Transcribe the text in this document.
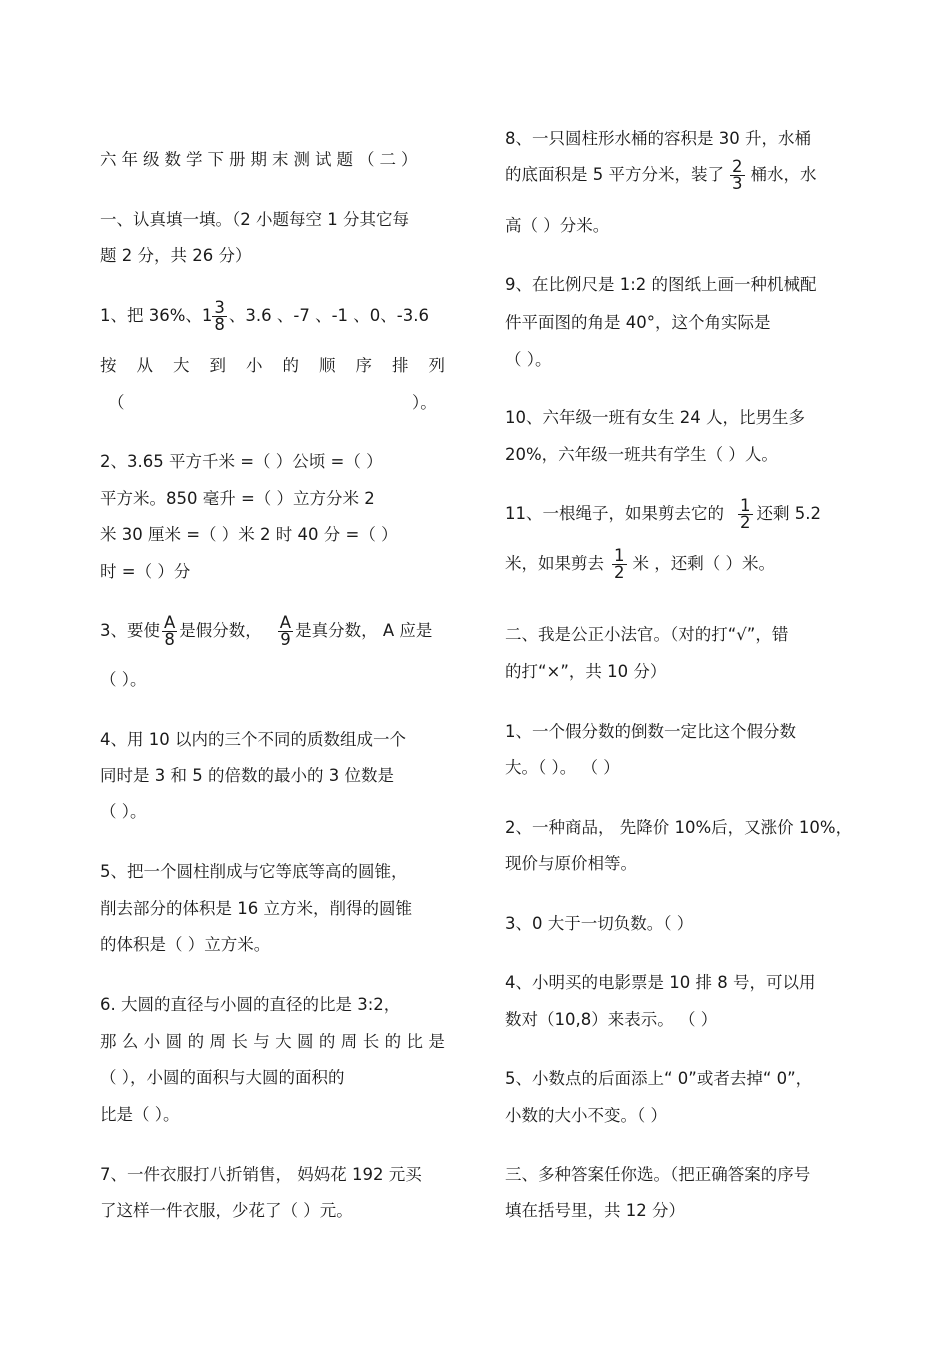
六年级数学下册期末测试题（二）
一、认真填一填。（2 小题每空 1 分其它每
题 2 分，共 26 分）
1、把 36%、$1 \frac{3}{8}$ 、3.6 、-7 、-1 、0、-3.6
按 从 大 到 小 的 顺 序 排 列
（	）。
2、3.65 平方千米 =（ ）公顷 =（ ）
平方米。850 毫升 =（ ）立方分米 2
米 30 厘米 =（ ）米 2 时 40 分 =（ ）
时 =（ ）分
3、要使 $\frac{A}{8}$ 是假分数， $\frac{A}{9}$ 是真分数， A 应是
（ ）。
4、用 10 以内的三个不同的质数组成一个
同时是 3 和 5 的倍数的最小的 3 位数是
（ ）。
5、把一个圆柱削成与它等底等高的圆锥，
削去部分的体积是 16 立方米，削得的圆锥
的体积是（ ）立方米。
6. 大圆的直径与小圆的直径的比是 3:2，
那 么 小 圆 的 周 长 与 大 圆 的 周 长 的 比 是
（ ），小圆的面积与大圆的面积的
比是（ ）。
7、一件衣服打八折销售， 妈妈花 192 元买
了这样一件衣服，少花了（ ）元。
8、一只圆柱形水桶的容积是 30 升，水桶
的底面积是 5 平方分米，装了 $\frac{2}{3}$ 桶水，水
高（ ）分米。
9、在比例尺是 1:2 的图纸上画一种机械配
件平面图的角是 40°，这个角实际是
（ ）。
10、六年级一班有女生 24 人，比男生多
20%，六年级一班共有学生（ ）人。
11、一根绳子，如果剪去它的 $\frac{1}{2}$ 还剩 5.2
米，如果剪去 $\frac{1}{2}$ 米 ，还剩（ ）米。
二、我是公正小法官。（对的打“√”，错
的打“×”，共 10 分）
1、一个假分数的倒数一定比这个假分数
大。（ ）。 （ ）
2、一种商品， 先降价 10%后，又涨价 10%，
现价与原价相等。
3、0 大于一切负数。（ ）
4、小明买的电影票是 10 排 8 号，可以用
数对（10,8）来表示。 （ ）
5、小数点的后面添上“ 0”或者去掉“ 0”，
小数的大小不变。（ ）
三、多种答案任你选。（把正确答案的序号
填在括号里，共 12 分）
